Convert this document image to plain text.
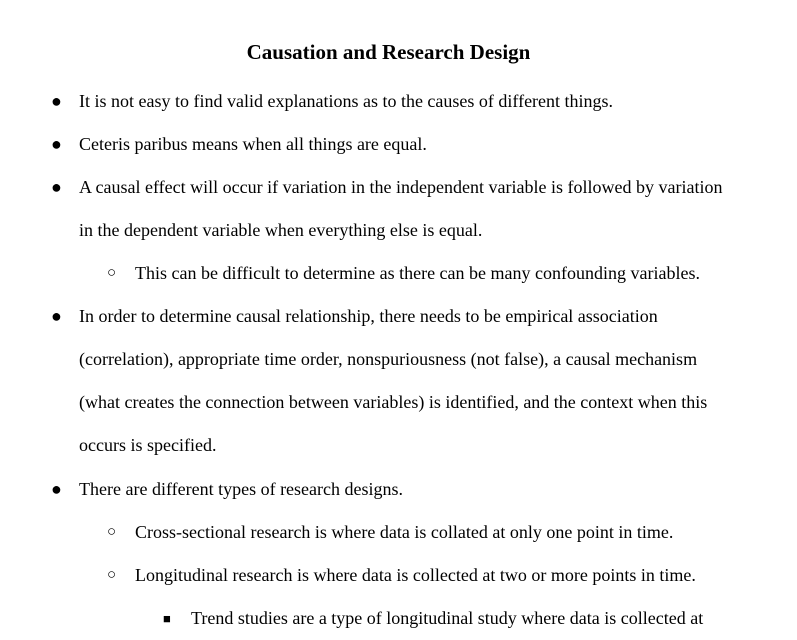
Causation and Research Design
● It is not easy to find valid explanations as to the causes of different things.
● Ceteris paribus means when all things are equal.
● A causal effect will occur if variation in the independent variable is followed by variation
in the dependent variable when everything else is equal.
○ This can be difficult to determine as there can be many confounding variables.
● In order to determine causal relationship, there needs to be empirical association
(correlation), appropriate time order, nonspuriousness (not false), a causal mechanism
(what creates the connection between variables) is identified, and the context when this
occurs is specified.
● There are different types of research designs.
○ Cross-sectional research is where data is collated at only one point in time.
○ Longitudinal research is where data is collected at two or more points in time.
■ Trend studies are a type of longitudinal study where data is collected at
